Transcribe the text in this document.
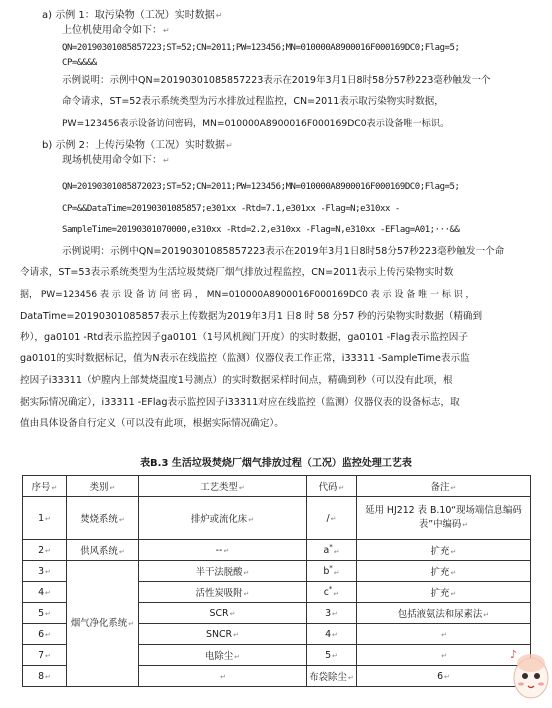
a) 示例 1：取污染物（工况）实时数据↵
上位机使用命令如下：↵
QN=20190301085857223;ST=52;CN=2011;PW=123456;MN=010000A8900016F000169DC0;Flag=5;
CP=&&&&
示例说明：示例中QN=20190301085857223表示在2019年3月1日8时58分57秒223毫秒触发一个
命令请求，ST=52表示系统类型为污水排放过程监控，CN=2011表示取污染物实时数据，
PW=123456表示设备访问密码，MN=010000A8900016F000169DC0表示设备唯一标识。
b) 示例 2：上传污染物（工况）实时数据↵
现场机使用命令如下：↵
QN=20190301085872023;ST=52;CN=2011;PW=123456;MN=010000A8900016F000169DC0;Flag=5;
CP=&&DataTime=20190301085857;e301xx -Rtd=7.1,e301xx -Flag=N;e310xx -
SampleTime=20190301070000,e310xx -Rtd=2.2,e310xx -Flag=N,e310xx -EFlag=A01;···&&
示例说明：示例中QN=20190301085857223表示在2019年3月1日8时58分57秒223毫秒触发一个命
令请求，ST=53表示系统类型为生活垃圾焚烧厂烟气排放过程监控，CN=2011表示上传污染物实时数
据， PW=123456 表 示 设 备 访 问 密 码 ， MN=010000A8900016F000169DC0 表 示 设 备 唯 一 标 识 ，
DataTime=20190301085857表示上传数据为2019年3月1 日8 时 58 分57 秒的污染物实时数据（精确到
秒），ga0101 -Rtd表示监控因子ga0101（1号风机阀门开度）的实时数据，ga0101 -Flag表示监控因子
ga0101的实时数据标记，值为N表示在线监控（监测）仪器仪表工作正常，i33311 -SampleTime表示监
控因子i33311（炉膛内上部焚烧温度1号测点）的实时数据采样时间点，精确到秒（可以没有此项，根
据实际情况确定），i33311 -EFlag表示监控因子i33311对应在线监控（监测）仪器仪表的设备标志，取
值由具体设备自行定义（可以没有此项，根据实际情况确定）。
表B.3 生活垃圾焚烧厂烟气排放过程（工况）监控处理工艺表
序号↵	类别↵	工艺类型↵	代码↵	备注↵	
1↵	焚烧系统↵	排炉或流化床↵	/↵	延用 HJ212 表 B.10“现场端信息编码表”中编码↵	
2↵	供风系统↵	--↵	a*↵	扩充↵	
3↵	烟气净化系统↵	半干法脱酸↵	b*↵	扩充↵	
4↵		活性炭吸附↵	c*↵	扩充↵	
5↵		SCR↵	3↵	包括液氨法和尿素法↵	
6↵		SNCR↵	4↵	↵	
7↵		电除尘↵	5↵	↵	
8↵		↵	布袋除尘↵	6↵	
♪
